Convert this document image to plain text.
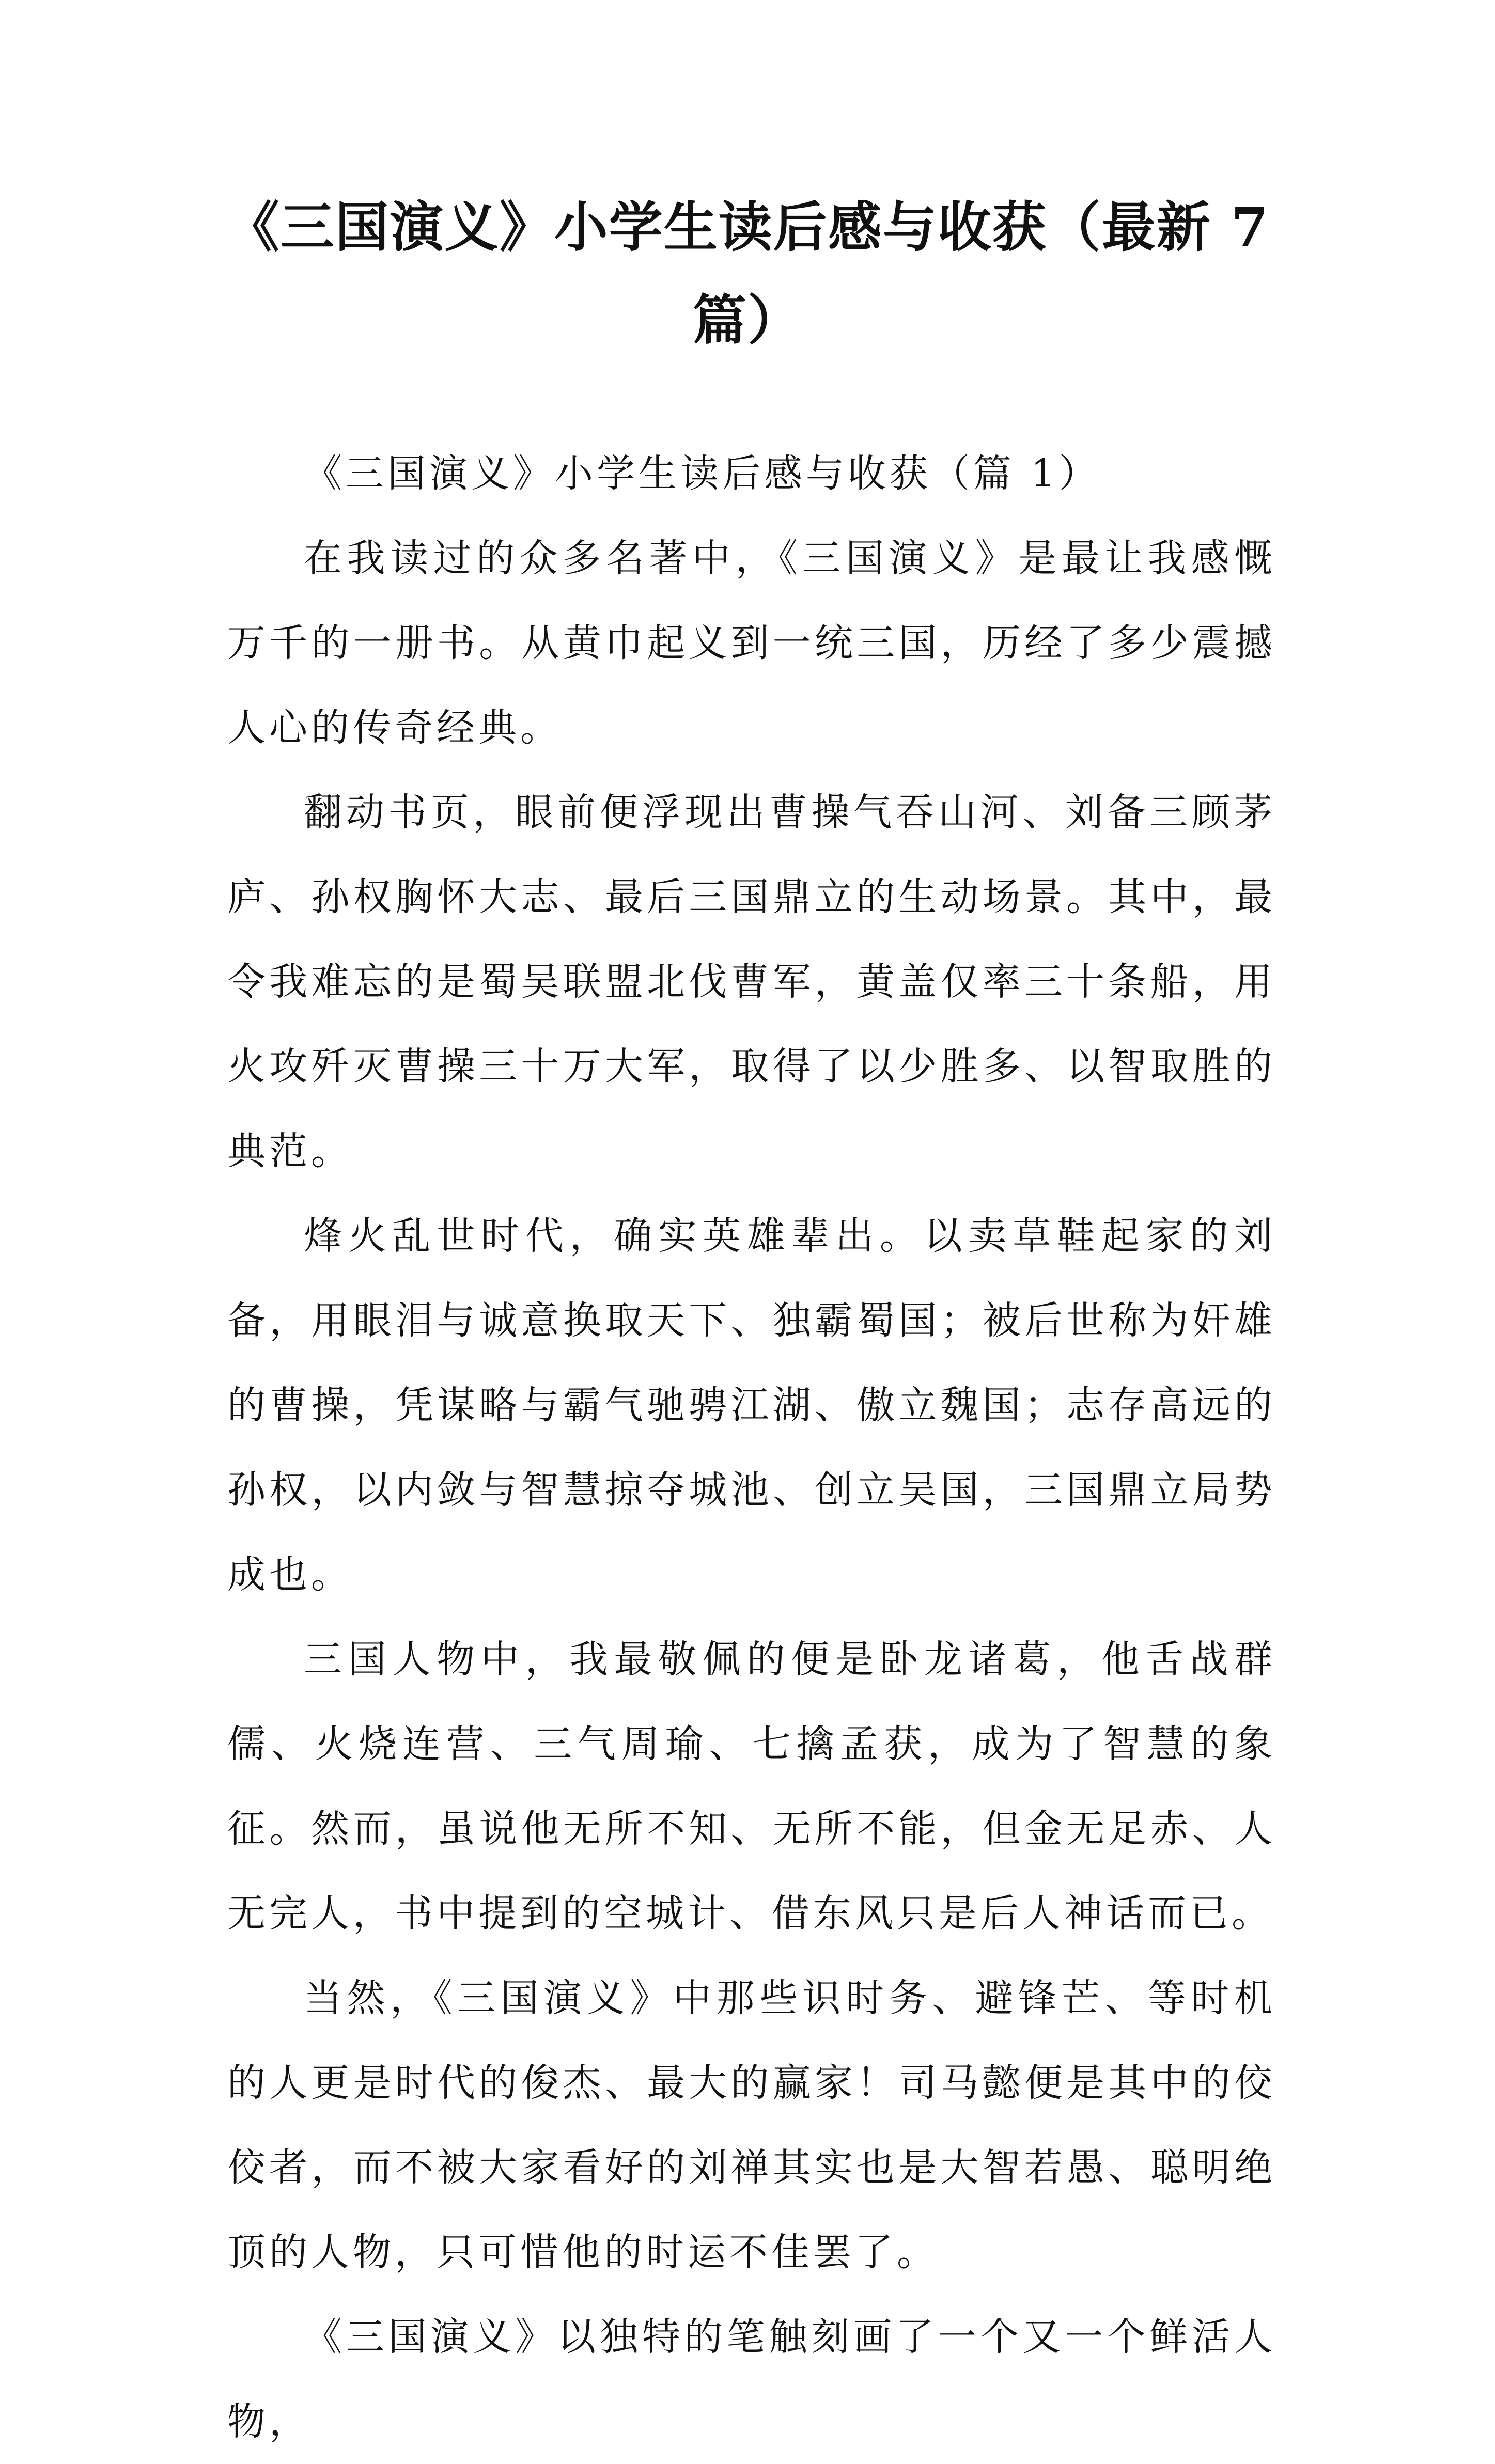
《三国演义》小学生读后感与收获（最新 7 篇）

《三国演义》小学生读后感与收获（篇 1）

在我读过的众多名著中，《三国演义》是最让我感慨万千的一册书。从黄巾起义到一统三国，历经了多少震撼人心的传奇经典。

翻动书页，眼前便浮现出曹操气吞山河、刘备三顾茅庐、孙权胸怀大志、最后三国鼎立的生动场景。其中，最令我难忘的是蜀吴联盟北伐曹军，黄盖仅率三十条船，用火攻歼灭曹操三十万大军，取得了以少胜多、以智取胜的典范。

烽火乱世时代，确实英雄辈出。以卖草鞋起家的刘备，用眼泪与诚意换取天下、独霸蜀国；被后世称为奸雄的曹操，凭谋略与霸气驰骋江湖、傲立魏国；志存高远的孙权，以内敛与智慧掠夺城池、创立吴国，三国鼎立局势成也。

三国人物中，我最敬佩的便是卧龙诸葛，他舌战群儒、火烧连营、三气周瑜、七擒孟获，成为了智慧的象征。然而，虽说他无所不知、无所不能，但金无足赤、人无完人，书中提到的空城计、借东风只是后人神话而已。

当然，《三国演义》中那些识时务、避锋芒、等时机的人更是时代的俊杰、最大的赢家！司马懿便是其中的佼佼者，而不被大家看好的刘禅其实也是大智若愚、聪明绝顶的人物，只可惜他的时运不佳罢了。

《三国演义》以独特的笔触刻画了一个又一个鲜活人物，
